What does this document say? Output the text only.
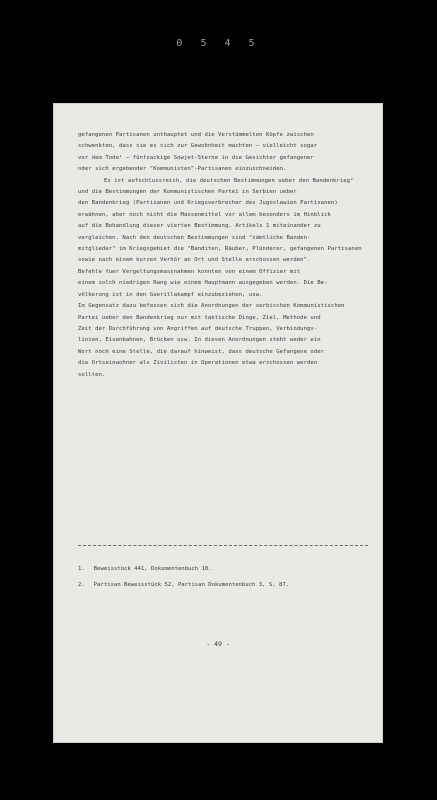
0 5 4 5
gefangenen Partisanen unthauptet und die Verstümmelten Köpfe zwischen
schwenkten, dass sie es sich zur Gewohnheit machten – vielleicht sogar
vor dem Tode¹ – fünfzackige Sowjet-Sterne in die Gesichter gefangener
oder sich ergebender "Kommunisten"-Partisanen einzuschneiden.
Es ist aufschlussreich, die deutschen Bestimmungen ueber den Bandenkrieg²
und die Bestimmungen der Kommunistischen Partei in Serbien ueber
den Bandenkrieg (Partisanen und Kriegsverbrecher des Jugoslawien Partisanen)
erwähnen, aber noch nicht die Massenmittel vor allem besonders im Hinblick
auf die Behandlung dieser vierten Bestimmung, Artikels 1 miteinander zu
vergleichen. Nach den deutschen Bestimmungen sind "sämtliche Banden-
mitglieder" im Kriegsgebiet die "Banditen, Räuber, Plünderer, gefangenen Partisanen
sowie nach einem kurzen Verhör an Ort und Stelle erschossen werden".
Befehle fuer Vergeltungsmassnahmen konnten von einem Offizier mit
einem solch niedrigen Rang wie einem Hauptmann ausgegeben werden. Die Be-
völkerung ist in den Guerillakampf einzubeziehen, usw.
Im Gegensatz dazu befassen sich die Anordnungen der serbischen Kommunistischen
Partei ueber den Bandenkrieg nur mit taktische Dinge, Ziel, Methode und
Zeit der Durchführung von Angriffen auf deutsche Truppen, Verbindungs-
linien, Eisenbahnen, Brücken usw. In diesen Anordnungen steht weder ein
Wort noch eine Stelle, die darauf hinweist, dass deutsche Gefangene oder
die Ortseinwohner als Zivilisten in Operationen etwa erschossen werden
sollten.
1. Beweisstück 441, Dokumentenbuch 10.
2. Partisan Beweisstück 52, Partisan Dokumentenbuch 3, S. 87.
- 49 -
